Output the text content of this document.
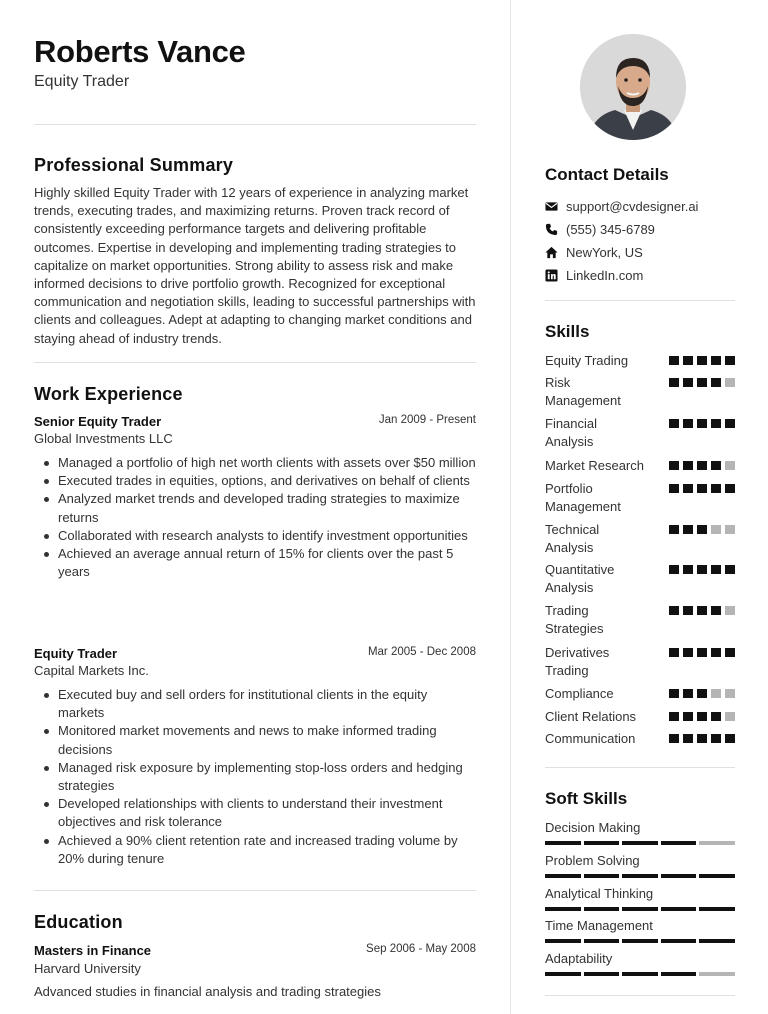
Roberts Vance
Equity Trader
Professional Summary
Highly skilled Equity Trader with 12 years of experience in analyzing market trends, executing trades, and maximizing returns. Proven track record of consistently exceeding performance targets and delivering profitable outcomes. Expertise in developing and implementing trading strategies to capitalize on market opportunities. Strong ability to assess risk and make informed decisions to drive portfolio growth. Recognized for exceptional communication and negotiation skills, leading to successful partnerships with clients and colleagues. Adept at adapting to changing market conditions and staying ahead of industry trends.
Work Experience
Senior Equity Trader	Jan 2009 - Present
Global Investments LLC
Managed a portfolio of high net worth clients with assets over $50 million
Executed trades in equities, options, and derivatives on behalf of clients
Analyzed market trends and developed trading strategies to maximize returns
Collaborated with research analysts to identify investment opportunities
Achieved an average annual return of 15% for clients over the past 5 years
Equity Trader	Mar 2005 - Dec 2008
Capital Markets Inc.
Executed buy and sell orders for institutional clients in the equity markets
Monitored market movements and news to make informed trading decisions
Managed risk exposure by implementing stop-loss orders and hedging strategies
Developed relationships with clients to understand their investment objectives and risk tolerance
Achieved a 90% client retention rate and increased trading volume by 20% during tenure
Education
Masters in Finance	Sep 2006 - May 2008
Harvard University
Advanced studies in financial analysis and trading strategies
Contact Details
support@cvdesigner.ai
(555) 345-6789
NewYork, US
LinkedIn.com
Skills
Equity Trading
Risk
Management
Financial
Analysis
Market Research
Portfolio
Management
Technical
Analysis
Quantitative
Analysis
Trading
Strategies
Derivatives
Trading
Compliance
Client Relations
Communication
Soft Skills
Decision Making
Problem Solving
Analytical Thinking
Time Management
Adaptability
